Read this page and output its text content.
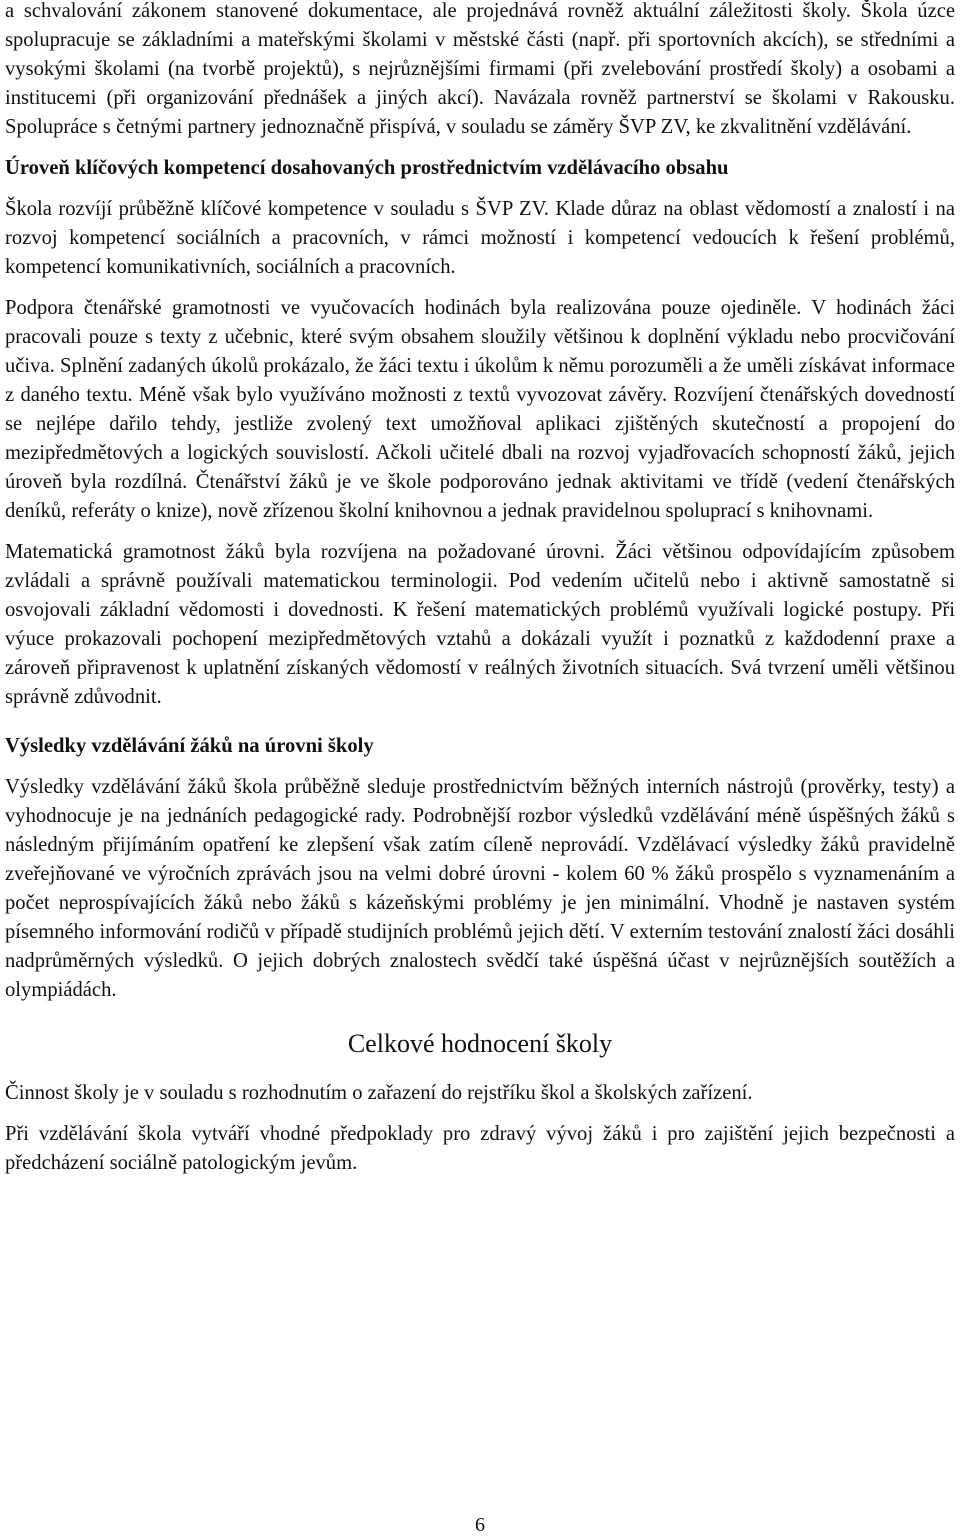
a schvalování zákonem stanovené dokumentace, ale projednává rovněž aktuální záležitosti školy. Škola úzce spolupracuje se základními a mateřskými školami v městské části (např. při sportovních akcích), se středními a vysokými školami (na tvorbě projektů), s nejrůznějšími firmami (při zvelebování prostředí školy) a osobami a institucemi (při organizování přednášek a jiných akcí). Navázala rovněž partnerství se školami v Rakousku. Spolupráce s četnými partnery jednoznačně přispívá, v souladu se záměry ŠVP ZV, ke zkvalitnění vzdělávání.

Úroveň klíčových kompetencí dosahovaných prostřednictvím vzdělávacího obsahu

Škola rozvíjí průběžně klíčové kompetence v souladu s ŠVP ZV. Klade důraz na oblast vědomostí a znalostí i na rozvoj kompetencí sociálních a pracovních, v rámci možností i kompetencí vedoucích k řešení problémů, kompetencí komunikativních, sociálních a pracovních.

Podpora čtenářské gramotnosti ve vyučovacích hodinách byla realizována pouze ojediněle. V hodinách žáci pracovali pouze s texty z učebnic, které svým obsahem sloužily většinou k doplnění výkladu nebo procvičování učiva. Splnění zadaných úkolů prokázalo, že žáci textu i úkolům k němu porozuměli a že uměli získávat informace z daného textu. Méně však bylo využíváno možnosti z textů vyvozovat závěry. Rozvíjení čtenářských dovedností se nejlépe dařilo tehdy, jestliže zvolený text umožňoval aplikaci zjištěných skutečností a propojení do mezipředmětových a logických souvislostí. Ačkoli učitelé dbali na rozvoj vyjadřovacích schopností žáků, jejich úroveň byla rozdílná. Čtenářství žáků je ve škole podporováno jednak aktivitami ve třídě (vedení čtenářských deníků, referáty o knize), nově zřízenou školní knihovnou a jednak pravidelnou spoluprací s knihovnami.

Matematická gramotnost žáků byla rozvíjena na požadované úrovni. Žáci většinou odpovídajícím způsobem zvládali a správně používali matematickou terminologii. Pod vedením učitelů nebo i aktivně samostatně si osvojovali základní vědomosti i dovednosti. K řešení matematických problémů využívali logické postupy. Při výuce prokazovali pochopení mezipředmětových vztahů a dokázali využít i poznatků z každodenní praxe a zároveň připravenost k uplatnění získaných vědomostí v reálných životních situacích. Svá tvrzení uměli většinou správně zdůvodnit.

Výsledky vzdělávání žáků na úrovni školy

Výsledky vzdělávání žáků škola průběžně sleduje prostřednictvím běžných interních nástrojů (prověrky, testy) a vyhodnocuje je na jednáních pedagogické rady. Podrobnější rozbor výsledků vzdělávání méně úspěšných žáků s následným přijímáním opatření ke zlepšení však zatím cíleně neprovádí. Vzdělávací výsledky žáků pravidelně zveřejňované ve výročních zprávách jsou na velmi dobré úrovni - kolem 60 % žáků prospělo s vyznamenáním a počet neprospívajících žáků nebo žáků s kázeňskými problémy je jen minimální. Vhodně je nastaven systém písemného informování rodičů v případě studijních problémů jejich dětí. V externím testování znalostí žáci dosáhli nadprůměrných výsledků. O jejich dobrých znalostech svědčí také úspěšná účast v nejrůznějších soutěžích a olympiádách.

Celkové hodnocení školy

Činnost školy je v souladu s rozhodnutím o zařazení do rejstříku škol a školských zařízení.

Při vzdělávání škola vytváří vhodné předpoklady pro zdravý vývoj žáků i pro zajištění jejich bezpečnosti a předcházení sociálně patologickým jevům.

6
